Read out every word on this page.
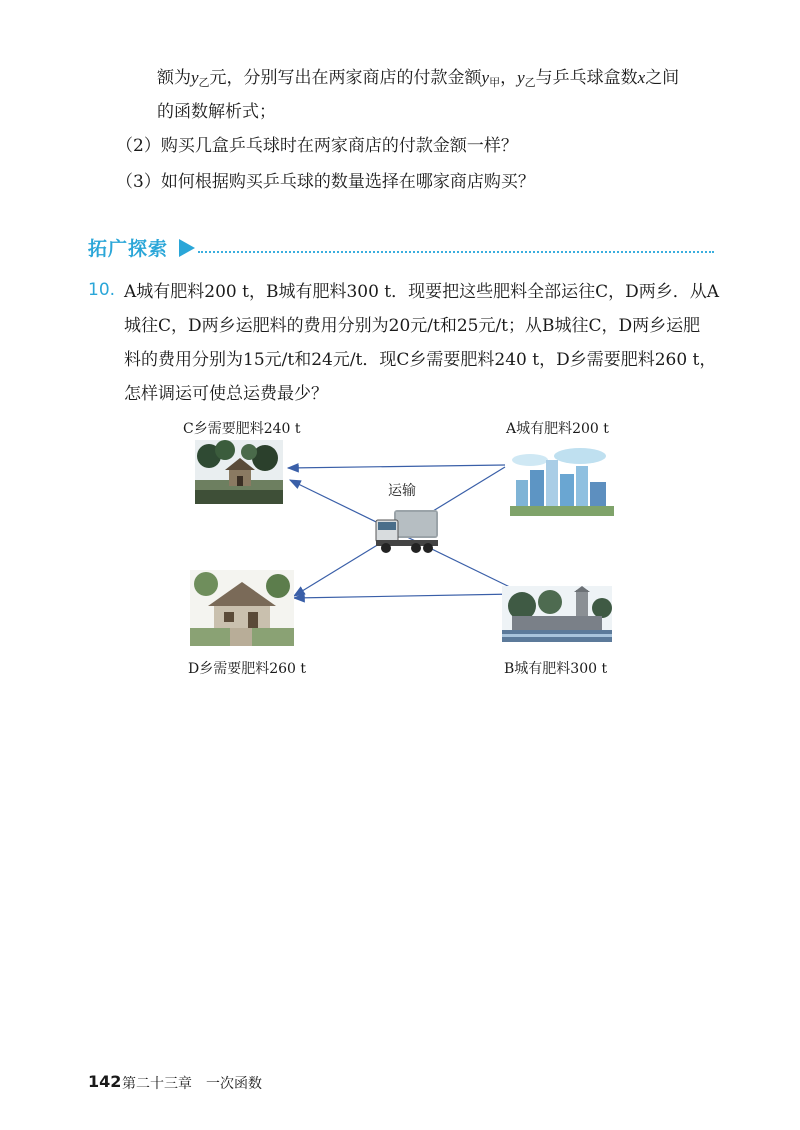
额为$y_乙$元，分别写出在两家商店的付款金额$y_甲$，$y_乙$与乒乓球盒数x之间
的函数解析式；
（2）购买几盒乒乓球时在两家商店的付款金额一样？
（3）如何根据购买乒乓球的数量选择在哪家商店购买？
拓广探索
10. A城有肥料200 t，B城有肥料300 t．现要把这些肥料全部运往C，D两乡．从A
城往C，D两乡运肥料的费用分别为20元/t和25元/t；从B城往C，D两乡运肥
料的费用分别为15元/t和24元/t．现C乡需要肥料240 t，D乡需要肥料260 t，
怎样调运可使总运费最少？
C乡需要肥料240 t	A城有肥料200 t
运输
D乡需要肥料260 t	B城有肥料300 t
142 第二十三章　一次函数
